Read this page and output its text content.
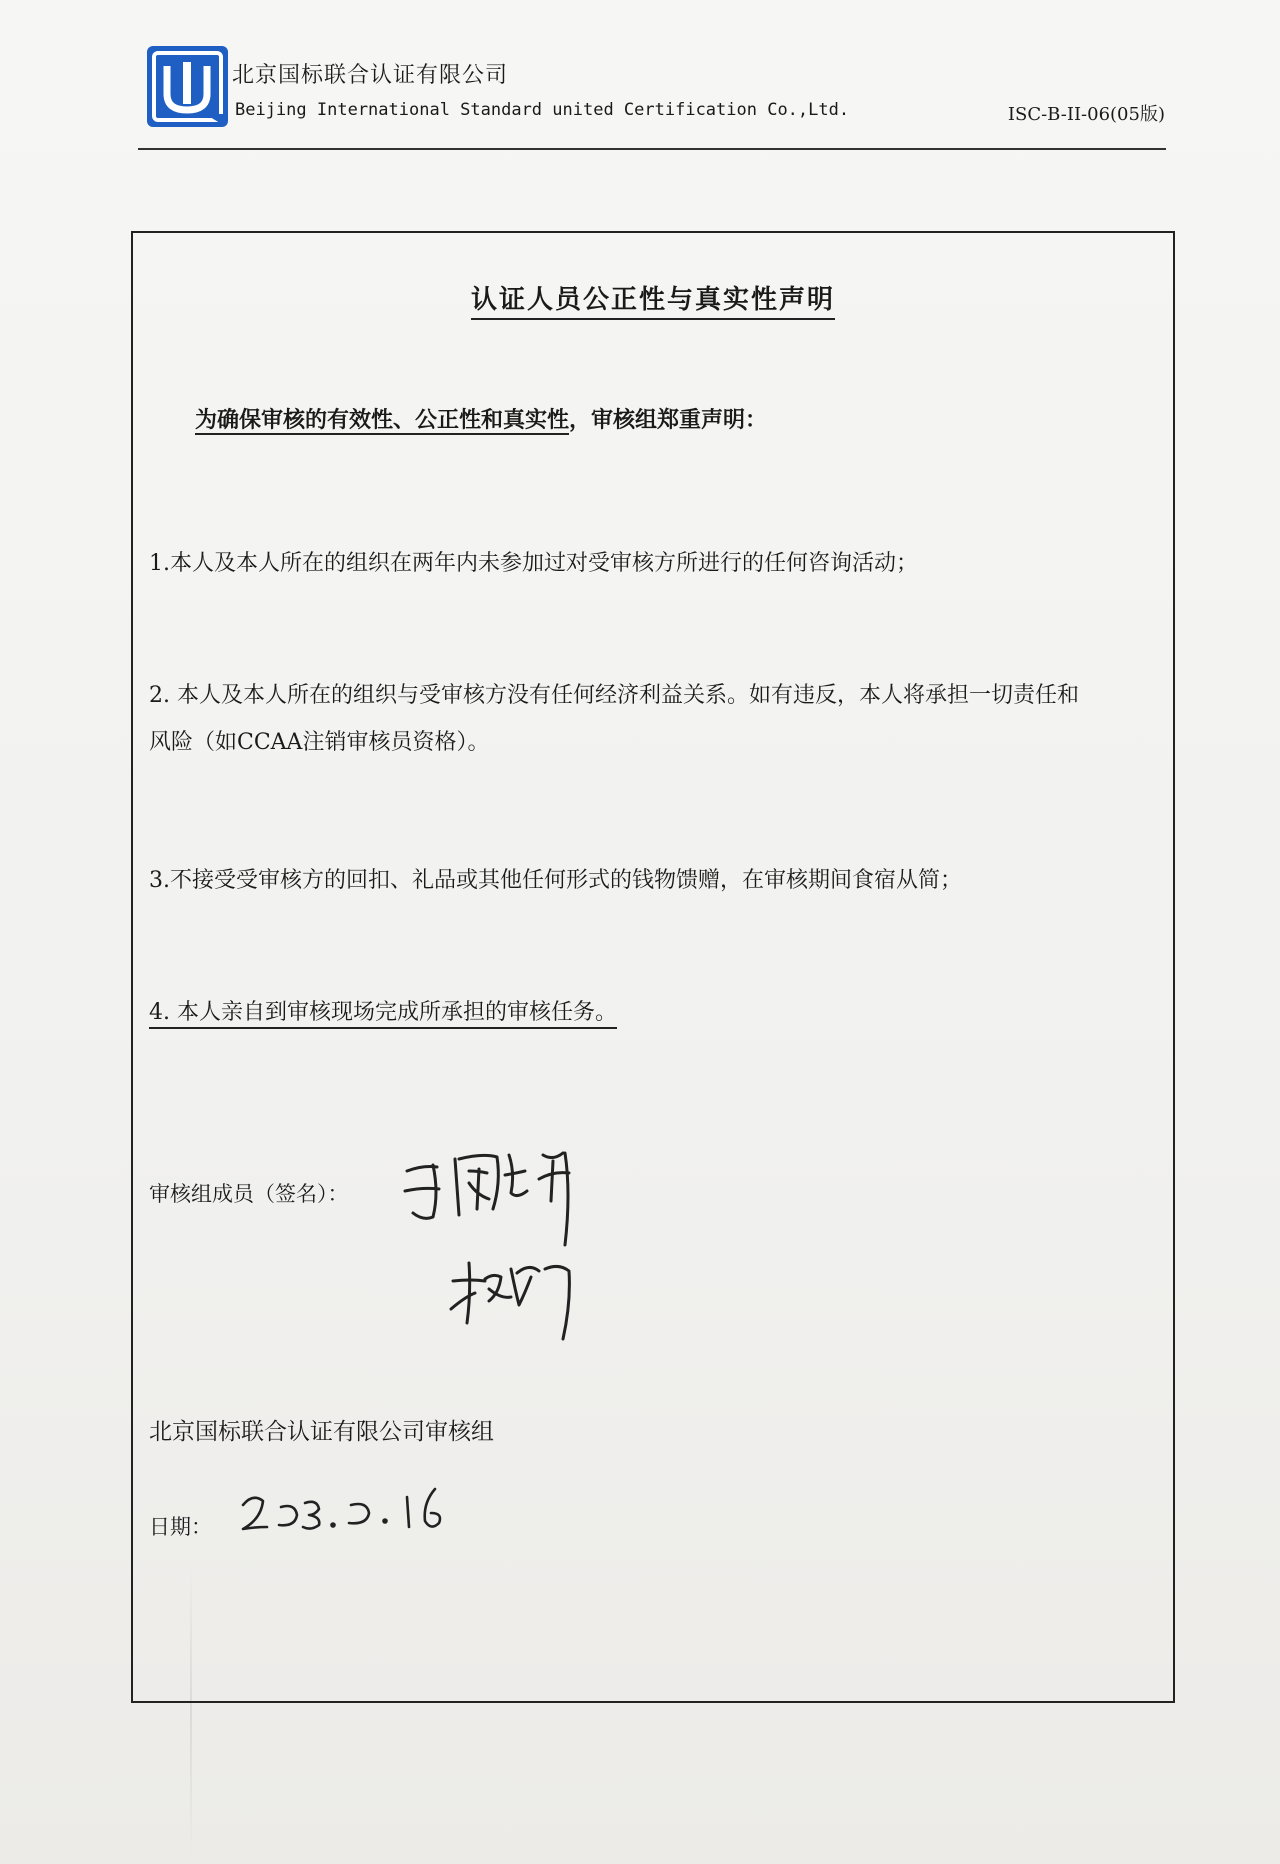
北京国标联合认证有限公司
Beijing International Standard united Certification Co.,Ltd.	ISC-B-II-06(05版)
认证人员公正性与真实性声明
为确保审核的有效性、公正性和真实性，审核组郑重声明：
1.本人及本人所在的组织在两年内未参加过对受审核方所进行的任何咨询活动；
2. 本人及本人所在的组织与受审核方没有任何经济利益关系。如有违反，本人将承担一切责任和
风险（如CCAA注销审核员资格）。
3.不接受受审核方的回扣、礼品或其他任何形式的钱物馈赠，在审核期间食宿从简；
4. 本人亲自到审核现场完成所承担的审核任务。
审核组成员（签名）：
北京国标联合认证有限公司审核组
日期：
